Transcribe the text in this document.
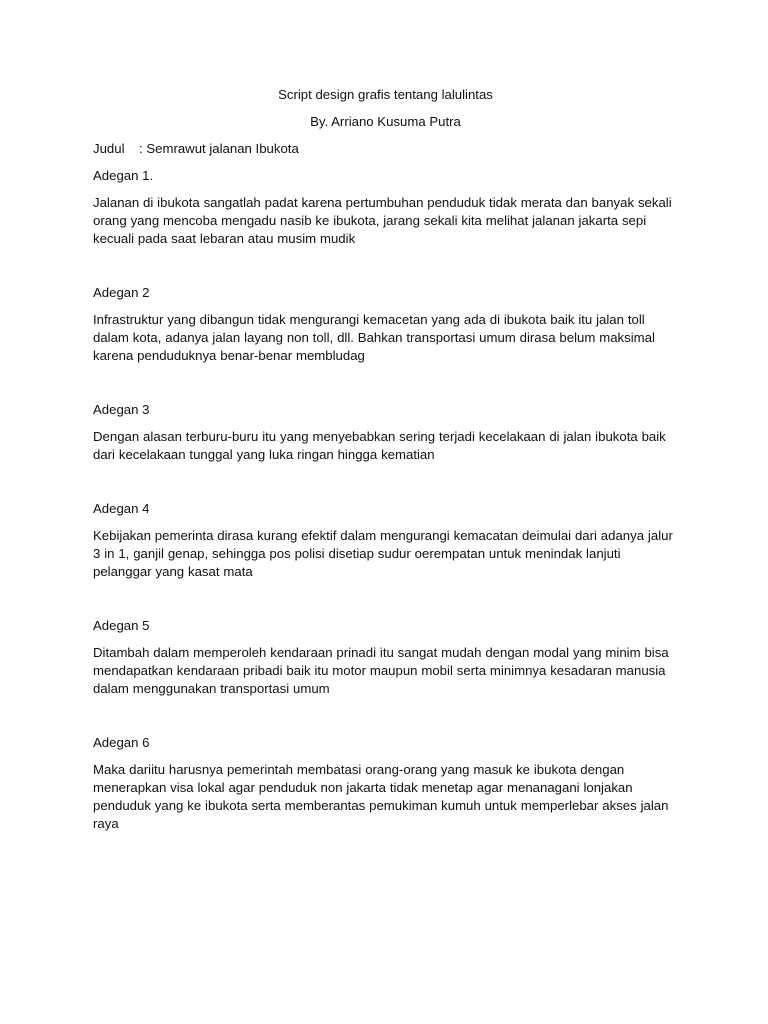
Script design grafis tentang lalulintas
By. Arriano Kusuma Putra
Judul	: Semrawut jalanan Ibukota
Adegan 1.
Jalanan di ibukota sangatlah padat karena pertumbuhan penduduk tidak merata dan banyak sekali orang yang mencoba mengadu nasib ke ibukota, jarang sekali kita melihat jalanan jakarta sepi kecuali pada saat lebaran atau musim mudik
Adegan 2
Infrastruktur yang dibangun tidak mengurangi kemacetan yang ada di ibukota baik itu jalan toll dalam kota, adanya jalan layang non toll, dll. Bahkan transportasi umum dirasa belum maksimal karena penduduknya benar-benar membludag
Adegan 3
Dengan alasan terburu-buru itu yang menyebabkan sering terjadi kecelakaan di jalan ibukota baik dari kecelakaan tunggal yang luka ringan hingga kematian
Adegan 4
Kebijakan pemerinta dirasa kurang efektif dalam mengurangi kemacatan deimulai dari adanya jalur 3 in 1, ganjil genap, sehingga pos polisi disetiap sudur oerempatan untuk menindak lanjuti pelanggar yang kasat mata
Adegan 5
Ditambah dalam memperoleh kendaraan prinadi itu sangat mudah dengan modal yang minim bisa mendapatkan kendaraan pribadi baik itu motor maupun mobil serta minimnya kesadaran manusia dalam menggunakan transportasi umum
Adegan 6
Maka dariitu harusnya pemerintah membatasi orang-orang yang masuk ke ibukota dengan menerapkan visa lokal agar penduduk non jakarta tidak menetap agar menanagani lonjakan penduduk yang ke ibukota serta memberantas pemukiman kumuh untuk memperlebar akses jalan raya
